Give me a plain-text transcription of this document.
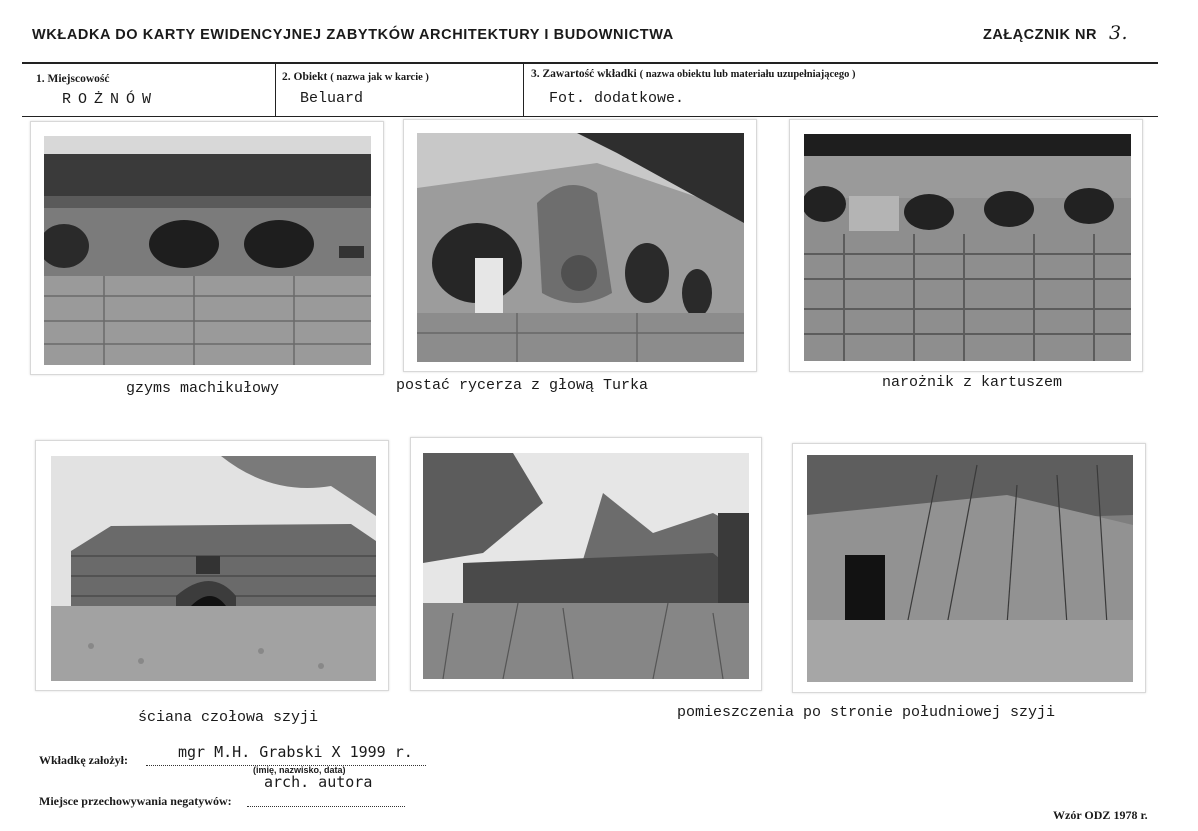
WKŁADKA DO KARTY EWIDENCYJNEJ ZABYTKÓW ARCHITEKTURY I BUDOWNICTWA	ZAŁĄCZNIK NR 3.
1. Miejscowość
ROŻNÓW
2. Obiekt ( nazwa jak w karcie )
Beluard
3. Zawartość wkładki ( nazwa obiektu lub materiału uzupełniającego )
Fot. dodatkowe.
gzyms machikułowy	postać rycerza z głową Turka	narożnik z kartuszem
ściana czołowa szyji	pomieszczenia po stronie południowej szyji
Wkładkę założył:	mgr M.H. Grabski X 1999 r.
(imię, nazwisko, data)
arch. autora
Miejsce przechowywania negatywów:
Wzór ODZ 1978 r.
